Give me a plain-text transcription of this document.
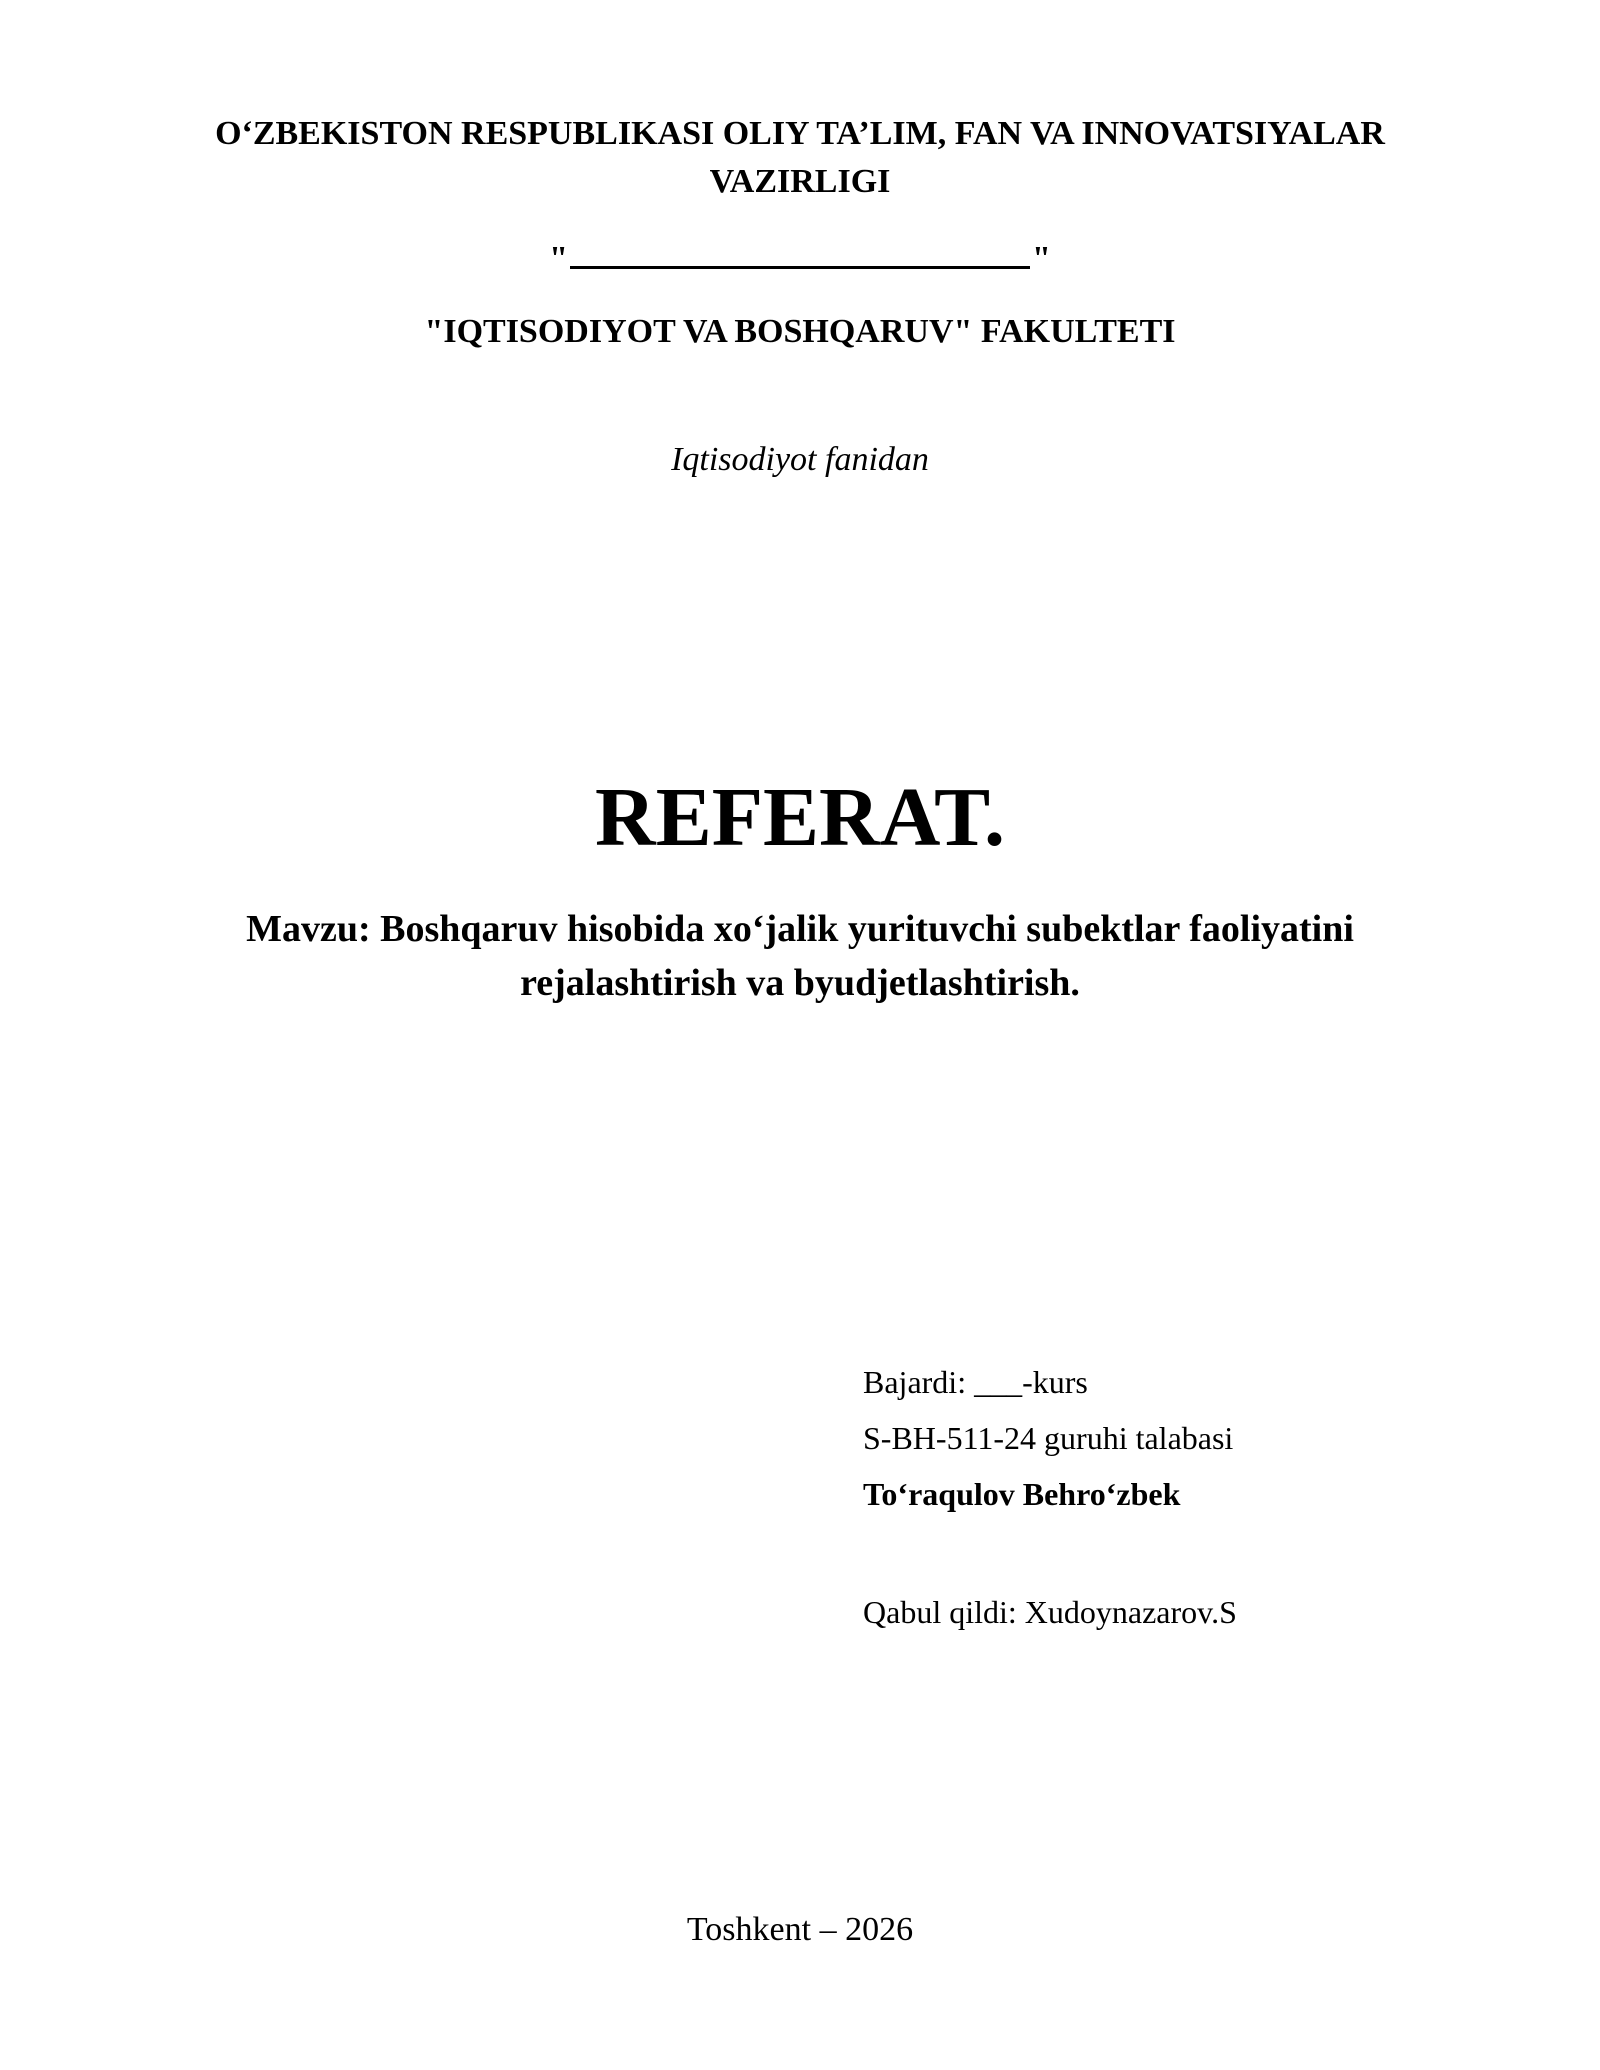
O‘ZBEKISTON RESPUBLIKASI OLIY TA’LIM, FAN VA INNOVATSIYALAR VAZIRLIGI
"	"
"IQTISODIYOT VA BOSHQARUV" FAKULTETI
Iqtisodiyot fanidan
REFERAT.
Mavzu: Boshqaruv hisobida xo‘jalik yurituvchi subektlar faoliyatini rejalashtirish va byudjetlashtirish.
Bajardi: ___-kurs
S-BH-511-24 guruhi talabasi
To‘raqulov Behro‘zbek
Qabul qildi: Xudoynazarov.S
Toshkent – 2026
